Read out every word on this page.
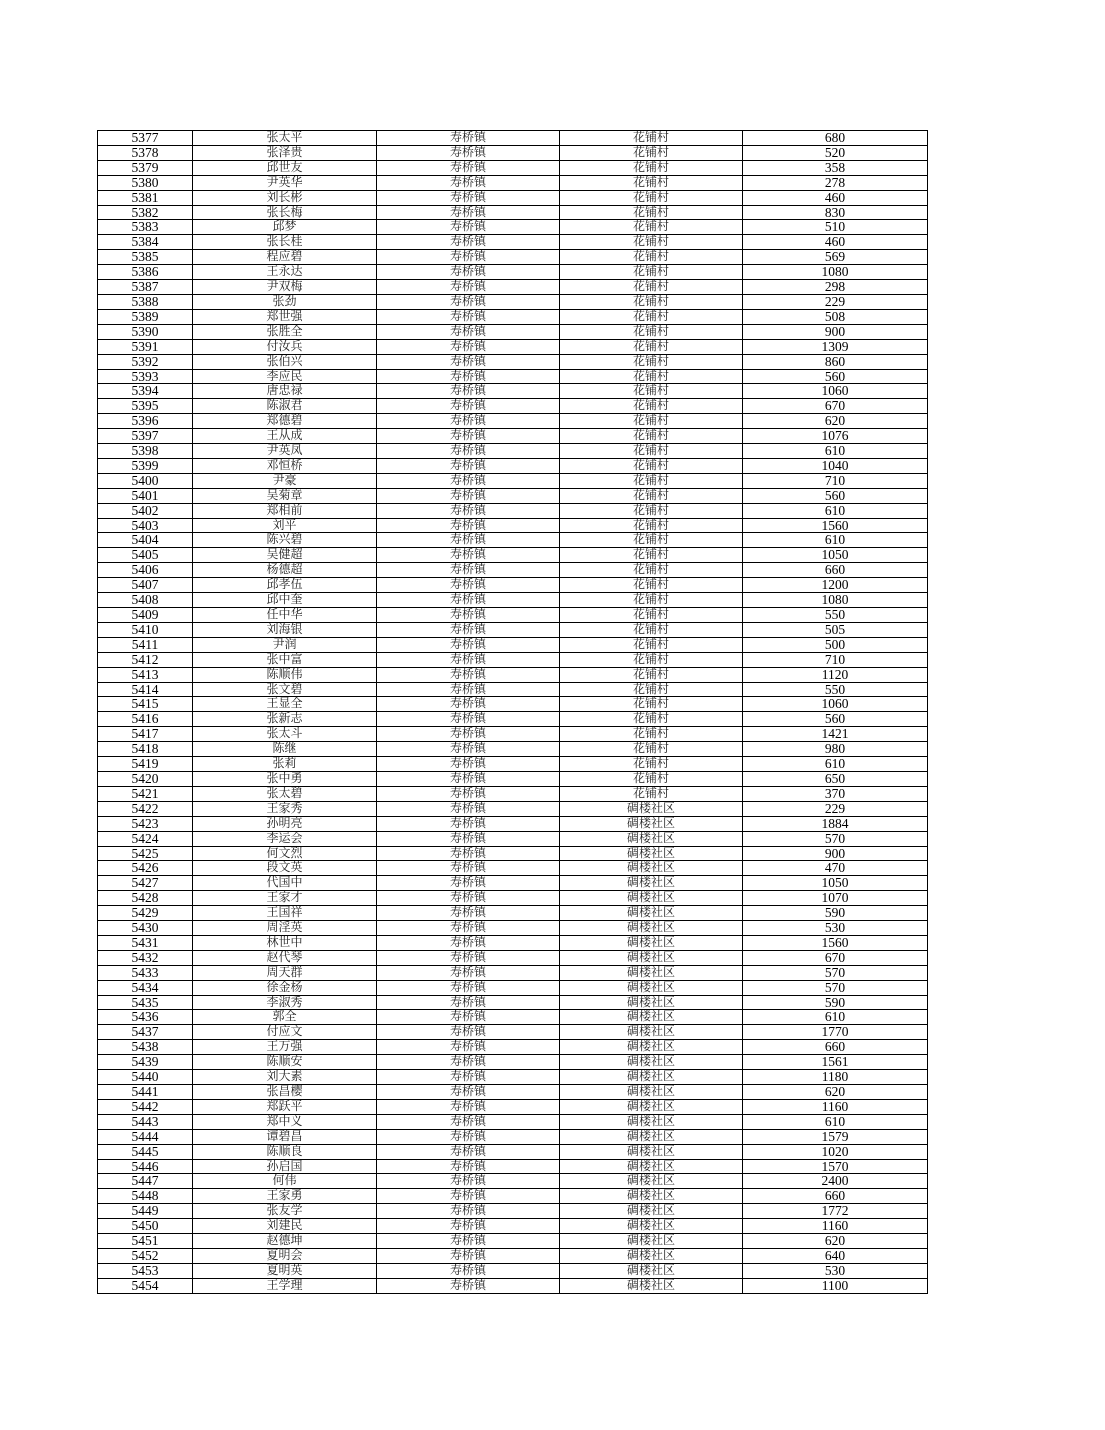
5377	张太平	寿桥镇	花铺村	680
5378	张泽贵	寿桥镇	花铺村	520
5379	邱世友	寿桥镇	花铺村	358
5380	尹英华	寿桥镇	花铺村	278
5381	刘长彬	寿桥镇	花铺村	460
5382	张长梅	寿桥镇	花铺村	830
5383	邱梦	寿桥镇	花铺村	510
5384	张长桂	寿桥镇	花铺村	460
5385	程应碧	寿桥镇	花铺村	569
5386	王永达	寿桥镇	花铺村	1080
5387	尹双梅	寿桥镇	花铺村	298
5388	张劲	寿桥镇	花铺村	229
5389	郑世强	寿桥镇	花铺村	508
5390	张胜全	寿桥镇	花铺村	900
5391	付汝兵	寿桥镇	花铺村	1309
5392	张伯兴	寿桥镇	花铺村	860
5393	李应民	寿桥镇	花铺村	560
5394	唐忠禄	寿桥镇	花铺村	1060
5395	陈淑君	寿桥镇	花铺村	670
5396	郑德碧	寿桥镇	花铺村	620
5397	王从成	寿桥镇	花铺村	1076
5398	尹英凤	寿桥镇	花铺村	610
5399	邓恒桥	寿桥镇	花铺村	1040
5400	尹豪	寿桥镇	花铺村	710
5401	吴菊章	寿桥镇	花铺村	560
5402	郑相前	寿桥镇	花铺村	610
5403	刘平	寿桥镇	花铺村	1560
5404	陈兴碧	寿桥镇	花铺村	610
5405	吴健超	寿桥镇	花铺村	1050
5406	杨德超	寿桥镇	花铺村	660
5407	邱孝伍	寿桥镇	花铺村	1200
5408	邱中奎	寿桥镇	花铺村	1080
5409	任中华	寿桥镇	花铺村	550
5410	刘海银	寿桥镇	花铺村	505
5411	尹润	寿桥镇	花铺村	500
5412	张中富	寿桥镇	花铺村	710
5413	陈顺伟	寿桥镇	花铺村	1120
5414	张文碧	寿桥镇	花铺村	550
5415	王显全	寿桥镇	花铺村	1060
5416	张新志	寿桥镇	花铺村	560
5417	张太斗	寿桥镇	花铺村	1421
5418	陈继	寿桥镇	花铺村	980
5419	张莉	寿桥镇	花铺村	610
5420	张中勇	寿桥镇	花铺村	650
5421	张太碧	寿桥镇	花铺村	370
5422	王家秀	寿桥镇	碉楼社区	229
5423	孙明亮	寿桥镇	碉楼社区	1884
5424	李运会	寿桥镇	碉楼社区	570
5425	何文烈	寿桥镇	碉楼社区	900
5426	段文英	寿桥镇	碉楼社区	470
5427	代国中	寿桥镇	碉楼社区	1050
5428	王家才	寿桥镇	碉楼社区	1070
5429	王国祥	寿桥镇	碉楼社区	590
5430	周淫英	寿桥镇	碉楼社区	530
5431	林世中	寿桥镇	碉楼社区	1560
5432	赵代琴	寿桥镇	碉楼社区	670
5433	周天群	寿桥镇	碉楼社区	570
5434	徐金杨	寿桥镇	碉楼社区	570
5435	李淑秀	寿桥镇	碉楼社区	590
5436	郭全	寿桥镇	碉楼社区	610
5437	付应文	寿桥镇	碉楼社区	1770
5438	王万强	寿桥镇	碉楼社区	660
5439	陈顺安	寿桥镇	碉楼社区	1561
5440	刘大素	寿桥镇	碉楼社区	1180
5441	张昌樱	寿桥镇	碉楼社区	620
5442	郑跃平	寿桥镇	碉楼社区	1160
5443	郑中义	寿桥镇	碉楼社区	610
5444	谭碧昌	寿桥镇	碉楼社区	1579
5445	陈顺良	寿桥镇	碉楼社区	1020
5446	孙启国	寿桥镇	碉楼社区	1570
5447	何伟	寿桥镇	碉楼社区	2400
5448	王家勇	寿桥镇	碉楼社区	660
5449	张友学	寿桥镇	碉楼社区	1772
5450	刘建民	寿桥镇	碉楼社区	1160
5451	赵德坤	寿桥镇	碉楼社区	620
5452	夏明会	寿桥镇	碉楼社区	640
5453	夏明英	寿桥镇	碉楼社区	530
5454	王学理	寿桥镇	碉楼社区	1100
